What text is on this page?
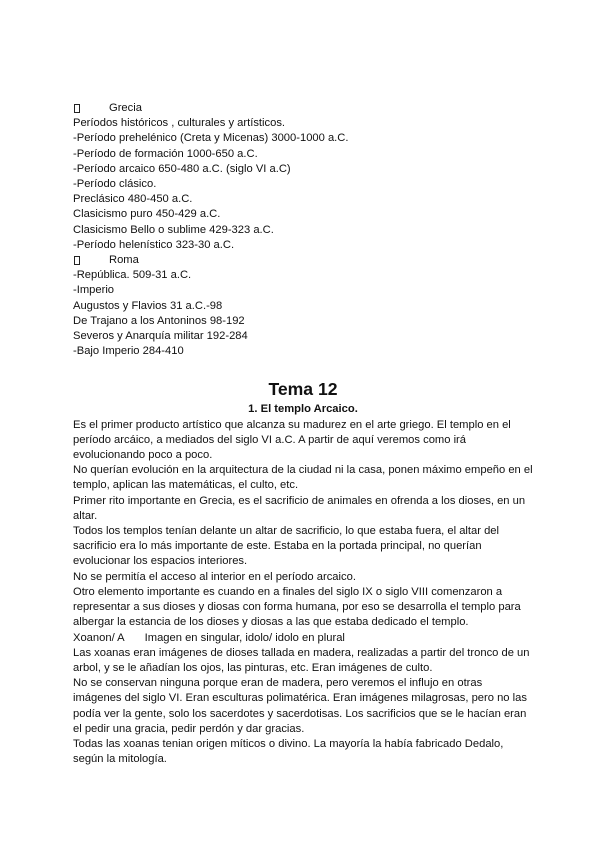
Grecia

Períodos históricos , culturales y artísticos.

-Período prehelénico (Creta y Micenas) 3000-1000 a.C.

-Período de formación 1000-650 a.C.

-Período arcaico 650-480 a.C. (siglo VI a.C)

-Período clásico.

Preclásico 480-450 a.C.

Clasicismo puro 450-429 a.C.

Clasicismo Bello o sublime 429-323 a.C.

-Período helenístico 323-30 a.C.

Roma

-República. 509-31 a.C.

-Imperio

Augustos y Flavios 31 a.C.-98

De Trajano a los Antoninos 98-192

Severos y Anarquía militar 192-284

-Bajo Imperio 284-410

Tema 12
1. El templo Arcaico.

Es el primer producto artístico que alcanza su madurez en el arte griego. El templo en el período arcáico, a mediados del siglo VI a.C. A partir de aquí veremos como irá evolucionando poco a poco.

No querían evolución en la arquitectura de la ciudad ni la casa, ponen máximo empeño en el templo, aplican las matemáticas, el culto, etc.

Primer rito importante en Grecia, es el sacrificio de animales en ofrenda a los dioses, en un altar.

Todos los templos tenían delante un altar de sacrificio, lo que estaba fuera, el altar del sacrificio era lo más importante de este. Estaba en la portada principal, no querían evolucionar los espacios interiores.

No se permitía el acceso al interior en el período arcaico.

Otro elemento importante es cuando en a finales del siglo IX o siglo VIII comenzaron a representar a sus dioses y diosas con forma humana, por eso se desarrolla el templo para albergar la estancia de los dioses y diosas a las que estaba dedicado el templo.

Xoanon/ A Imagen en singular, idolo/ idolo en plural

Las xoanas eran imágenes de dioses tallada en madera, realizadas a partir del tronco de un arbol, y se le añadían los ojos, las pinturas, etc. Eran imágenes de culto.

No se conservan ninguna porque eran de madera, pero veremos el influjo en otras imágenes del siglo VI. Eran esculturas polimatérica. Eran imágenes milagrosas, pero no las podía ver la gente, solo los sacerdotes y sacerdotisas. Los sacrificios que se le hacían eran el pedir una gracia, pedir perdón y dar gracias.

Todas las xoanas tenian origen míticos o divino. La mayoría la había fabricado Dedalo, según la mitología.
